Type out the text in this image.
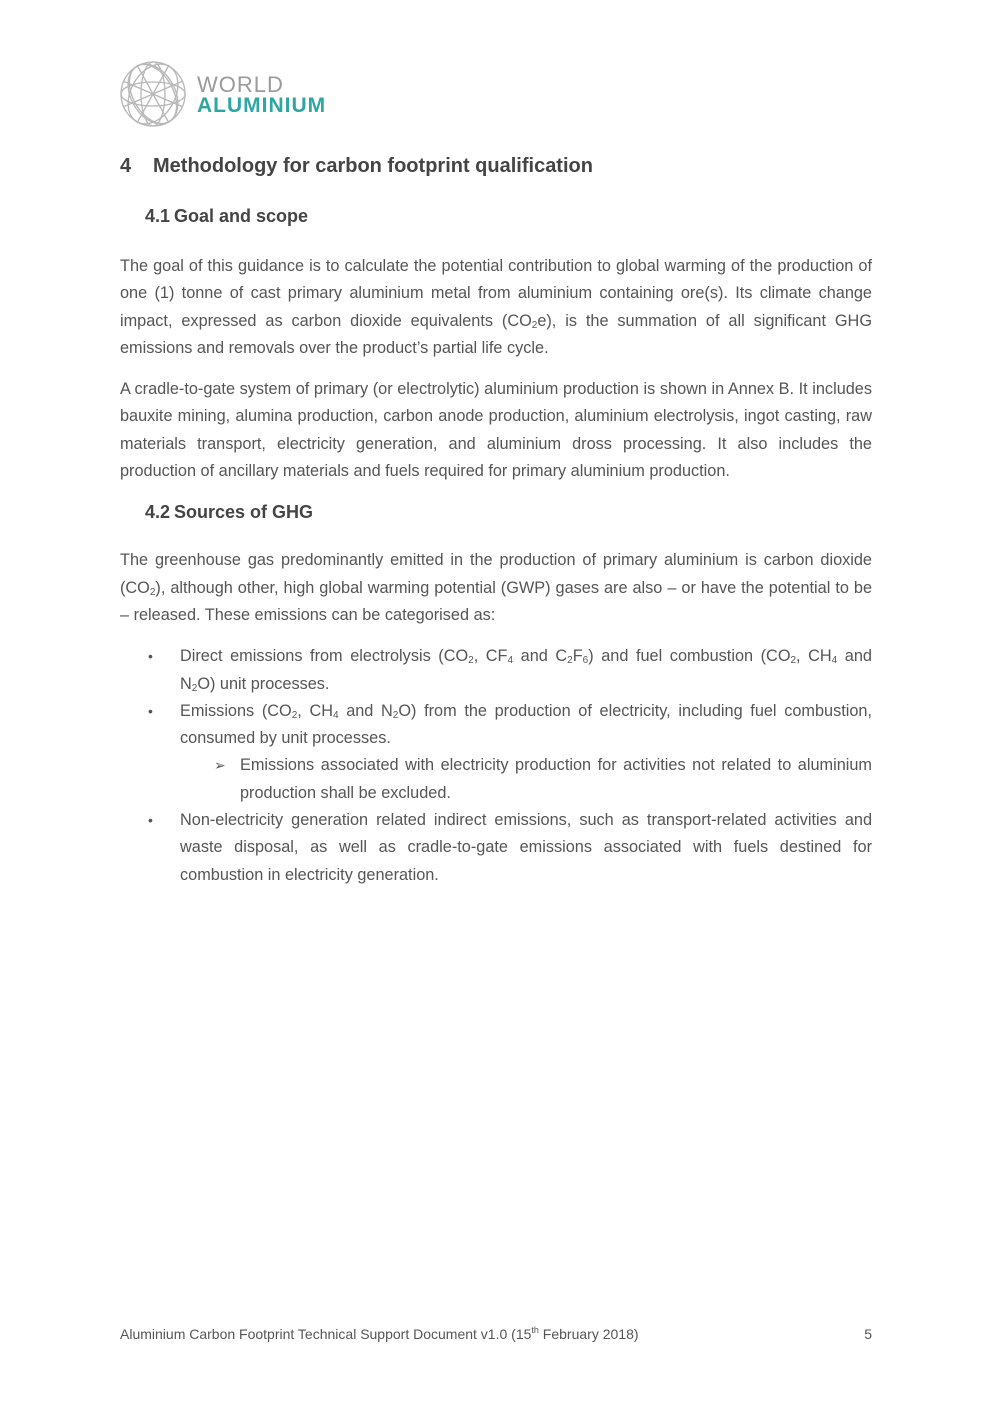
WORLD
ALUMINIUM
4	Methodology for carbon footprint qualification
4.1 Goal and scope

The goal of this guidance is to calculate the potential contribution to global warming of the production of one (1) tonne of cast primary aluminium metal from aluminium containing ore(s). Its climate change impact, expressed as carbon dioxide equivalents $(CO_2e)$, is the summation of all significant GHG emissions and removals over the product’s partial life cycle.

A cradle-to-gate system of primary (or electrolytic) aluminium production is shown in Annex B. It includes bauxite mining, alumina production, carbon anode production, aluminium electrolysis, ingot casting, raw materials transport, electricity generation, and aluminium dross processing. It also includes the production of ancillary materials and fuels required for primary aluminium production.

4.2 Sources of GHG

The greenhouse gas predominantly emitted in the production of primary aluminium is carbon dioxide $(CO_2)$, although other, high global warming potential (GWP) gases are also – or have the potential to be – released. These emissions can be categorised as:

• Direct emissions from electrolysis ($CO_2$, $CF_4$ and $C_2F_6$) and fuel combustion ($CO_2$, $CH_4$ and $N_2O$) unit processes.
• Emissions ($CO_2$, $CH_4$ and $N_2O$) from the production of electricity, including fuel combustion, consumed by unit processes.
➢ Emissions associated with electricity production for activities not related to aluminium production shall be excluded.
• Non-electricity generation related indirect emissions, such as transport-related activities and waste disposal, as well as cradle-to-gate emissions associated with fuels destined for combustion in electricity generation.
Aluminium Carbon Footprint Technical Support Document v1.0 (15th February 2018)	5
